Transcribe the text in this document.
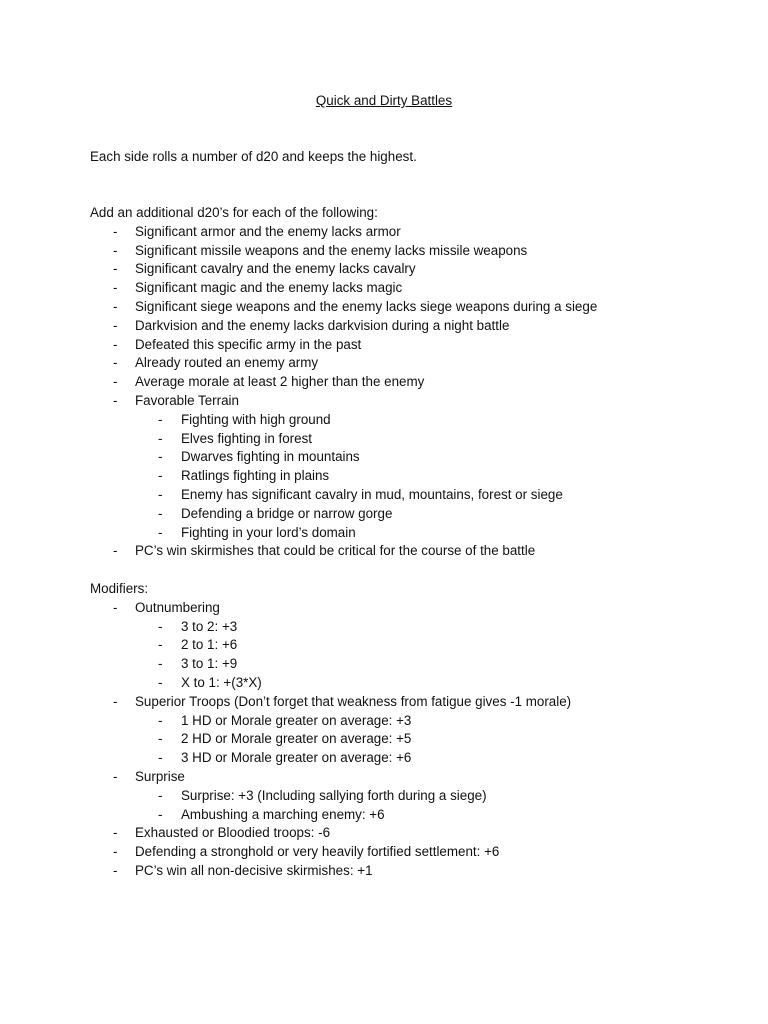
Quick and Dirty Battles

Each side rolls a number of d20 and keeps the highest.

Add an additional d20’s for each of the following:

- Significant armor and the enemy lacks armor
- Significant missile weapons and the enemy lacks missile weapons
- Significant cavalry and the enemy lacks cavalry
- Significant magic and the enemy lacks magic
- Significant siege weapons and the enemy lacks siege weapons during a siege
- Darkvision and the enemy lacks darkvision during a night battle
- Defeated this specific army in the past
- Already routed an enemy army
- Average morale at least 2 higher than the enemy
- Favorable Terrain
- Fighting with high ground
- Elves fighting in forest
- Dwarves fighting in mountains
- Ratlings fighting in plains
- Enemy has significant cavalry in mud, mountains, forest or siege
- Defending a bridge or narrow gorge
- Fighting in your lord’s domain
- PC’s win skirmishes that could be critical for the course of the battle

Modifiers:

- Outnumbering
- 3 to 2: +3
- 2 to 1: +6
- 3 to 1: +9
- X to 1: +(3*X)
- Superior Troops (Don’t forget that weakness from fatigue gives -1 morale)
- 1 HD or Morale greater on average: +3
- 2 HD or Morale greater on average: +5
- 3 HD or Morale greater on average: +6
- Surprise
- Surprise: +3 (Including sallying forth during a siege)
- Ambushing a marching enemy: +6
- Exhausted or Bloodied troops: -6
- Defending a stronghold or very heavily fortified settlement: +6
- PC’s win all non-decisive skirmishes: +1
